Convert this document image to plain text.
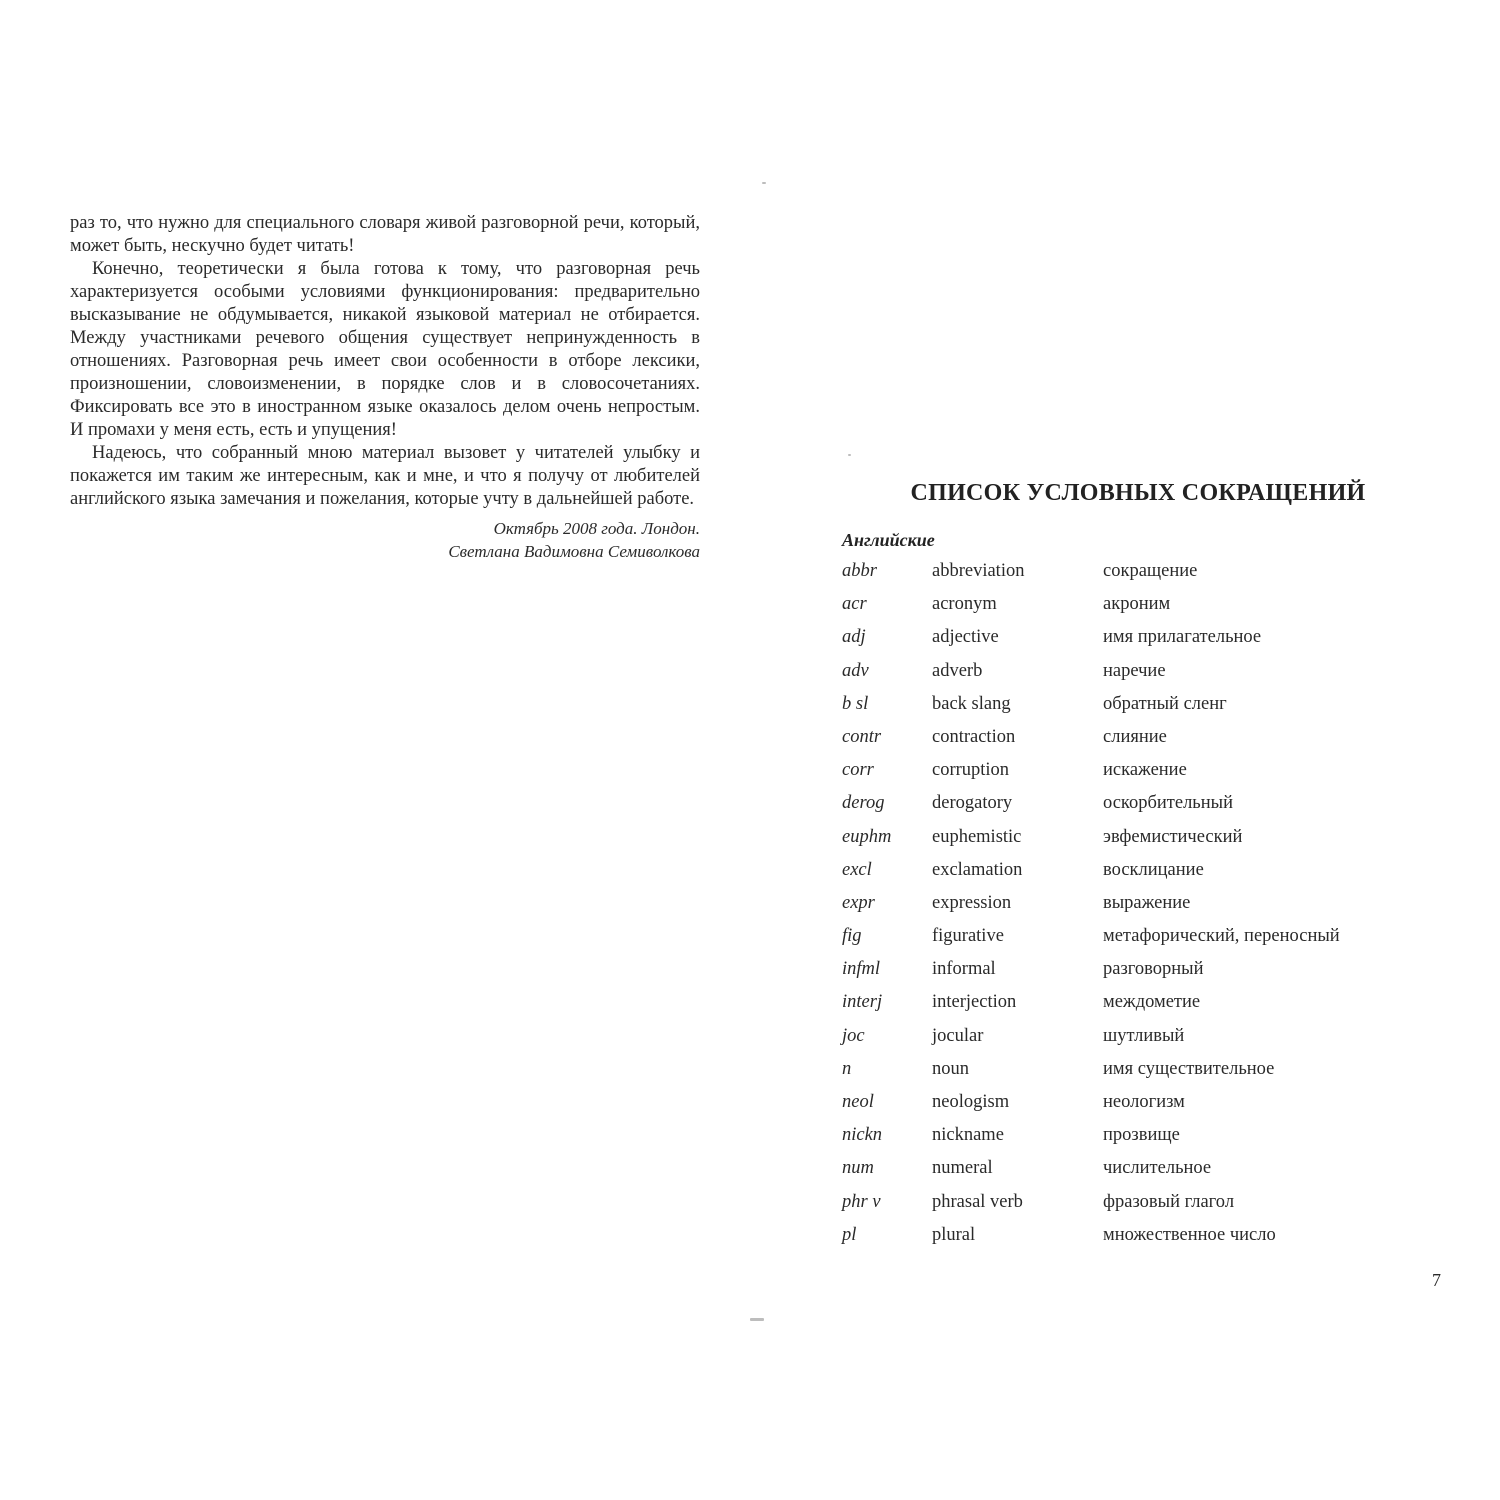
раз то, что нужно для специального словаря живой разговорной речи, который, может быть, нескучно будет читать!

Конечно, теоретически я была готова к тому, что разговорная речь характеризуется особыми условиями функционирования: предварительно высказывание не обдумывается, никакой языковой материал не отбирается. Между участниками речевого общения существует непринужденность в отношениях. Разговорная речь имеет свои особенности в отборе лексики, произношении, словоизменении, в порядке слов и в словосочетаниях. Фиксировать все это в иностранном языке оказалось делом очень непростым. И промахи у меня есть, есть и упущения!

Надеюсь, что собранный мною материал вызовет у читателей улыбку и покажется им таким же интересным, как и мне, и что я получу от любителей английского языка замечания и пожелания, которые учту в дальнейшей работе.

Октябрь 2008 года. Лондон.
Светлана Вадимовна Семиволкова
СПИСОК УСЛОВНЫХ СОКРАЩЕНИЙ
Английские
abbr	abbreviation	сокращение
acr	acronym	акроним
adj	adjective	имя прилагательное
adv	adverb	наречие
b sl	back slang	обратный сленг
contr	contraction	слияние
corr	corruption	искажение
derog	derogatory	оскорбительный
euphm	euphemistic	эвфемистический
excl	exclamation	восклицание
expr	expression	выражение
fig	figurative	метафорический, переносный
infml	informal	разговорный
interj	interjection	междометие
joc	jocular	шутливый
n	noun	имя существительное
neol	neologism	неологизм
nickn	nickname	прозвище
num	numeral	числительное
phr v	phrasal verb	фразовый глагол
pl	plural	множественное число
7
